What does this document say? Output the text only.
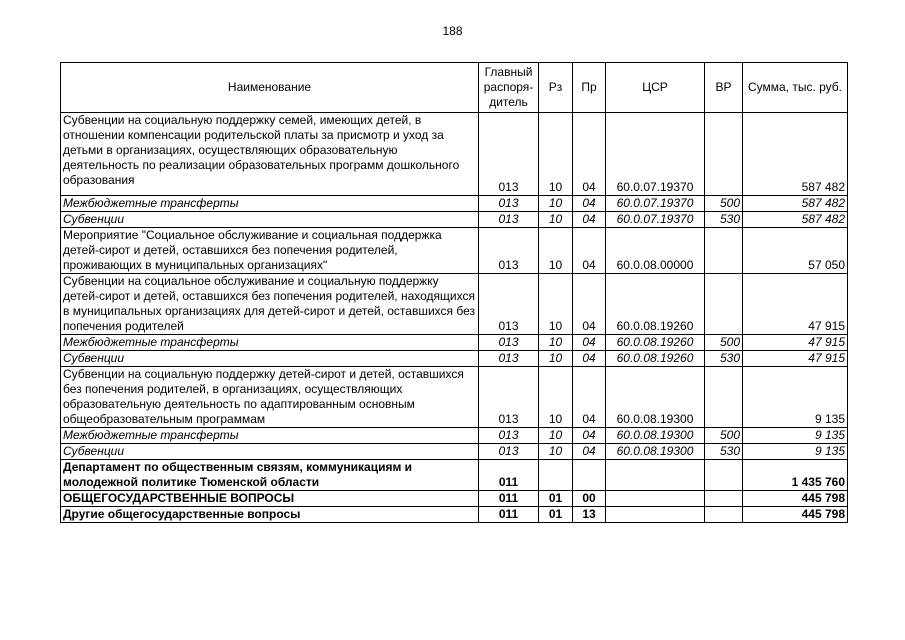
188
Наименование	Главный распоря-дитель	Рз	Пр	ЦСР	ВР	Сумма, тыс. руб.
Субвенции на социальную поддержку семей, имеющих детей, в отношении компенсации родительской платы за присмотр и уход за детьми в организациях, осуществляющих образовательную деятельность по реализации образовательных программ дошкольного образования	013	10	04	60.0.07.19370		587 482
Межбюджетные трансферты	013	10	04	60.0.07.19370	500	587 482
Субвенции	013	10	04	60.0.07.19370	530	587 482
Мероприятие "Социальное обслуживание и социальная поддержка детей-сирот и детей, оставшихся без попечения родителей, проживающих в муниципальных организациях"	013	10	04	60.0.08.00000		57 050
Субвенции на социальное обслуживание и социальную поддержку детей-сирот и детей, оставшихся без попечения родителей, находящихся в муниципальных организациях для детей-сирот и детей, оставшихся без попечения родителей	013	10	04	60.0.08.19260		47 915
Межбюджетные трансферты	013	10	04	60.0.08.19260	500	47 915
Субвенции	013	10	04	60.0.08.19260	530	47 915
Субвенции на социальную поддержку детей-сирот и детей, оставшихся без попечения родителей, в организациях, осуществляющих образовательную деятельность по адаптированным основным общеобразовательным программам	013	10	04	60.0.08.19300		9 135
Межбюджетные трансферты	013	10	04	60.0.08.19300	500	9 135
Субвенции	013	10	04	60.0.08.19300	530	9 135
Департамент по общественным связям, коммуникациям и молодежной политике Тюменской области	011					1 435 760
ОБЩЕГОСУДАРСТВЕННЫЕ ВОПРОСЫ	011	01	00			445 798
Другие общегосударственные вопросы	011	01	13			445 798
